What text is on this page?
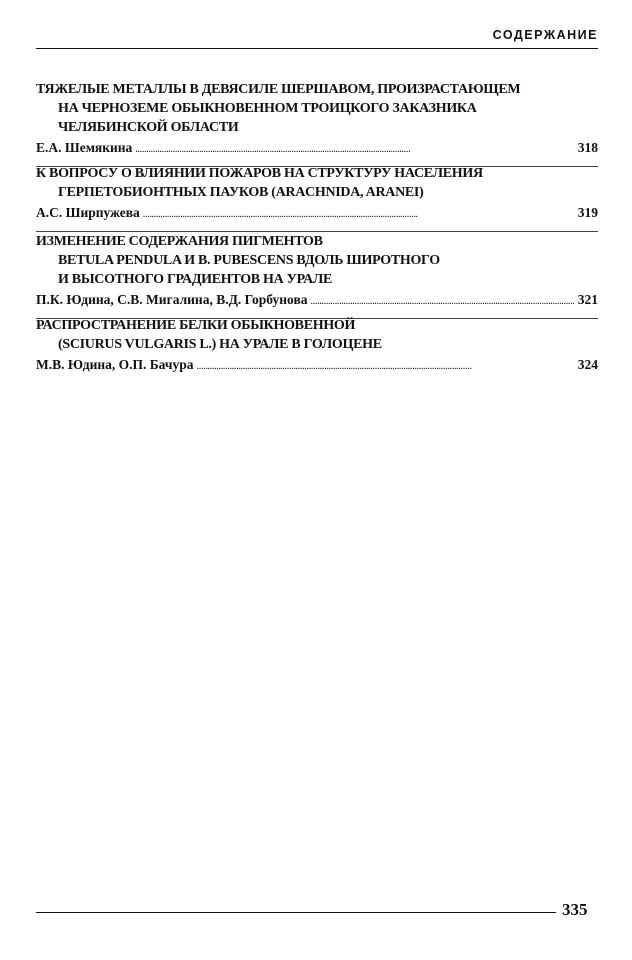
СОДЕРЖАНИЕ
ТЯЖЕЛЫЕ МЕТАЛЛЫ В ДЕВЯСИЛЕ ШЕРШАВОМ, ПРОИЗРАСТАЮЩЕМ
НА ЧЕРНОЗЕМЕ ОБЫКНОВЕННОМ ТРОИЦКОГО ЗАКАЗНИКА
ЧЕЛЯБИНСКОЙ ОБЛАСТИ
Е.А. Шемякина . . .	318
К ВОПРОСУ О ВЛИЯНИИ ПОЖАРОВ НА СТРУКТУРУ НАСЕЛЕНИЯ
ГЕРПЕТОБИОНТНЫХ ПАУКОВ (ARACHNIDA, ARANEI)
А.С. Ширпужева . . .	319
ИЗМЕНЕНИЕ СОДЕРЖАНИЯ ПИГМЕНТОВ
BETULA PENDULA И B. PUBESCENS ВДОЛЬ ШИРОТНОГО
И ВЫСОТНОГО ГРАДИЕНТОВ НА УРАЛЕ
П.К. Юдина, С.В. Мигалина, В.Д. Горбунова . . .	321
РАСПРОСТРАНЕНИЕ БЕЛКИ ОБЫКНОВЕННОЙ
(SCIURUS VULGARIS L.) НА УРАЛЕ В ГОЛОЦЕНЕ
М.В. Юдина, О.П. Бачура . . .	324
335
